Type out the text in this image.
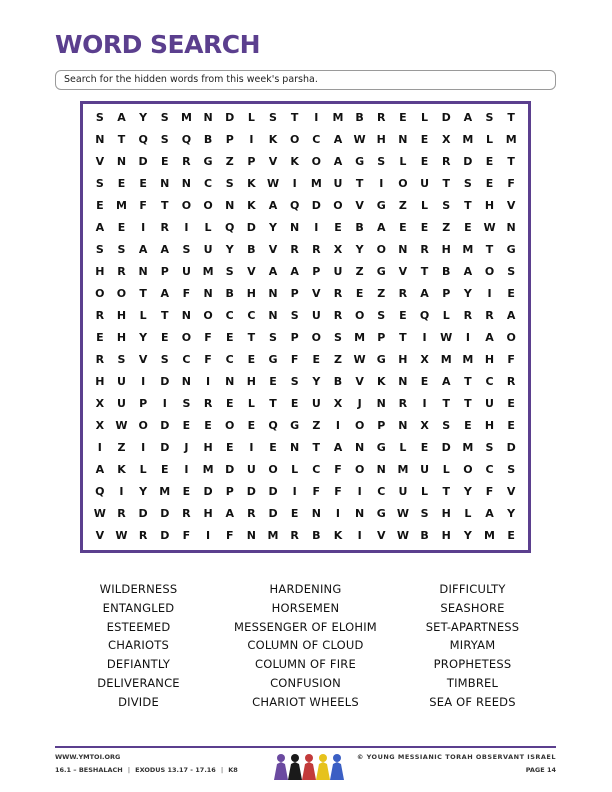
WORD SEARCH
Search for the hidden words from this week's parsha.
S	A	Y	S	M	N	D	L	S	T	I	M	B	R	E	L	D	A	S	T
N	T	Q	S	Q	B	P	I	K	O	C	A	W H	N	E	X	M	L	M
V	N	D	E	R	G	Z	P	V	K	O	A	G	S	L	E	R	D	E	T
S	E	E	N	N	C	S	K	W	I	M	U	T	I	O	U	T	S	E	F
E	M	F	T	O	O	N	K	A	Q	D	O	V	G	Z	L	S	T	H	V
A	E	I	R	I	L	Q	D	Y	N	I	E	B	A	E	E	Z	E	W N
S	S	A	A	S	U	Y	B	V	R	R	X	Y	O	N	R	H	M	T	G
H	R	N	P	U	M	S	V	A	A	P	U	Z	G	V	T	B	A	O	S
O	O	T	A	F	N	B	H	N	P	V	R	E	Z	R	A	P	Y	I	E
R	H	L	T	N	O	C	C	N	S	U	R	O	S	E	Q	L	R	R	A
E	H	Y	E	O	F	E	T	S	P	O	S	M	P	T	I	W	I	A	O
R	S	V	S	C	F	C	E	G	F	E	Z	W	G	H	X	M M	H	F
H	U	I	D	N	I	N	H	E	S	Y	B	V	K	N	E	A	T	C	R
X	U	P	I	S	R	E	L	T	E	U	X	J	N	R	I	T	T	U	E
X	W O	D	E	E	O	E	Q	G	Z	I	O	P	N	X	S	E	H	E
I	Z	I	D	J	H	E	I	E	N	T	A	N	G	L	E	D	M	S	D
A	K	L	E	I	M	D	U	O	L	C	F	O	N	M	U	L	O	C	S
Q	I	Y	M	E	D	P	D	D	I	F	F	I	C	U	L	T	Y	F	V
W	R	D	D	R	H	A	R	D	E	N	I	N	G	W	S	H	L	A	Y
V	W	R	D	F	I	F	N	M	R	B	K	I	V	W	B	H	Y	M	E
WILDERNESS	HARDENING	DIFFICULTY
ENTANGLED	HORSEMEN	SEASHORE
ESTEEMED	MESSENGER OF ELOHIM	SET-APARTNESS
CHARIOTS	COLUMN OF CLOUD	MIRYAM
DEFIANTLY	COLUMN OF FIRE	PROPHETESS
DELIVERANCE	CONFUSION	TIMBREL
DIVIDE	CHARIOT WHEELS	SEA OF REEDS
WWW.YMTOI.ORG
16.1 – BESHALACH | EXODUS 13.17 - 17.16 | K8
© YOUNG MESSIANIC TORAH OBSERVANT ISRAEL
PAGE 14
